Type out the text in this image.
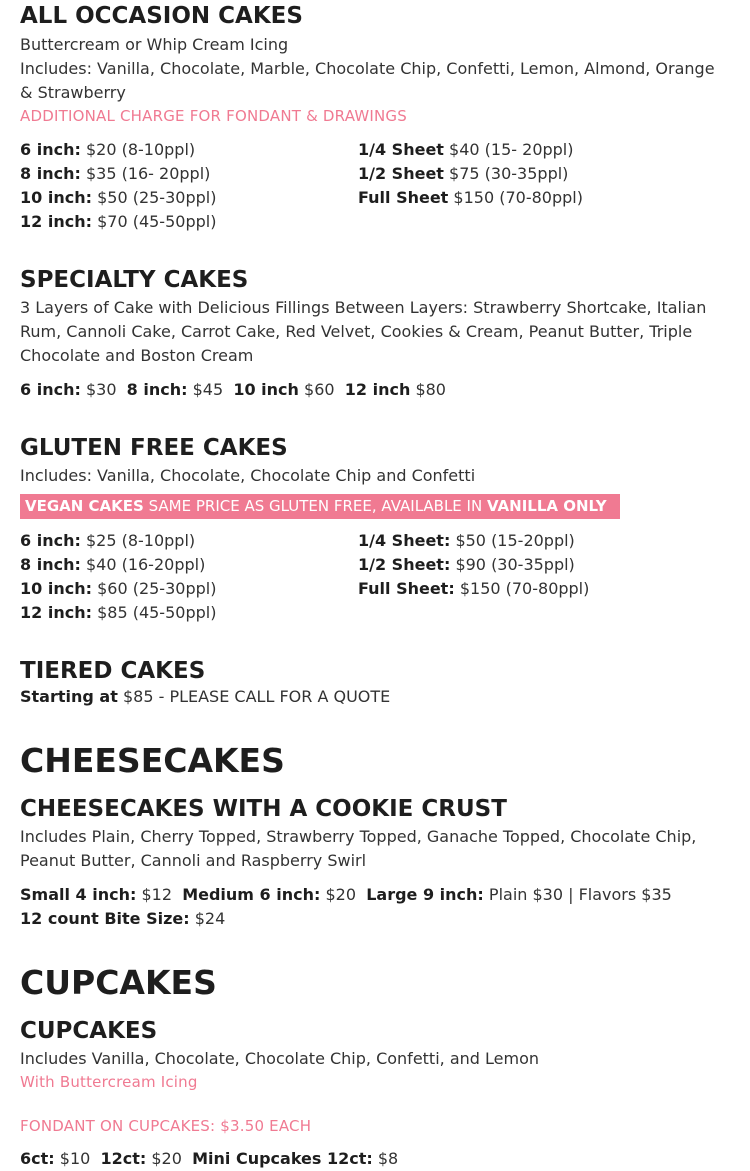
ALL OCCASION CAKES

Buttercream or Whip Cream Icing

Includes: Vanilla, Chocolate, Marble, Chocolate Chip, Confetti, Lemon, Almond, Orange & Strawberry

ADDITIONAL CHARGE FOR FONDANT & DRAWINGS

6 inch: $20 (8-10ppl)
8 inch: $35 (16- 20ppl)
10 inch: $50 (25-30ppl)
12 inch: $70 (45-50ppl)
1/4 Sheet $40 (15- 20ppl)
1/2 Sheet $75 (30-35ppl)
Full Sheet $150 (70-80ppl)
SPECIALTY CAKES

3 Layers of Cake with Delicious Fillings Between Layers: Strawberry Shortcake, Italian Rum, Cannoli Cake, Carrot Cake, Red Velvet, Cookies & Cream, Peanut Butter, Triple Chocolate and Boston Cream

6 inch: $30 8 inch: $45 10 inch $60 12 inch $80
GLUTEN FREE CAKES

Includes: Vanilla, Chocolate, Chocolate Chip and Confetti

VEGAN CAKES SAME PRICE AS GLUTEN FREE, AVAILABLE IN VANILLA ONLY
6 inch: $25 (8-10ppl)
8 inch: $40 (16-20ppl)
10 inch: $60 (25-30ppl)
12 inch: $85 (45-50ppl)
1/4 Sheet: $50 (15-20ppl)
1/2 Sheet: $90 (30-35ppl)
Full Sheet: $150 (70-80ppl)
TIERED CAKES
Starting at $85 - PLEASE CALL FOR A QUOTE
CHEESECAKES
CHEESECAKES WITH A COOKIE CRUST

Includes Plain, Cherry Topped, Strawberry Topped, Ganache Topped, Chocolate Chip, Peanut Butter, Cannoli and Raspberry Swirl

Small 4 inch: $12 Medium 6 inch: $20 Large 9 inch: Plain $30 | Flavors $35
12 count Bite Size: $24
CUPCAKES
CUPCAKES

Includes Vanilla, Chocolate, Chocolate Chip, Confetti, and Lemon

With Buttercream Icing

FONDANT ON CUPCAKES: $3.50 EACH

6ct: $10 12ct: $20 Mini Cupcakes 12ct: $8
